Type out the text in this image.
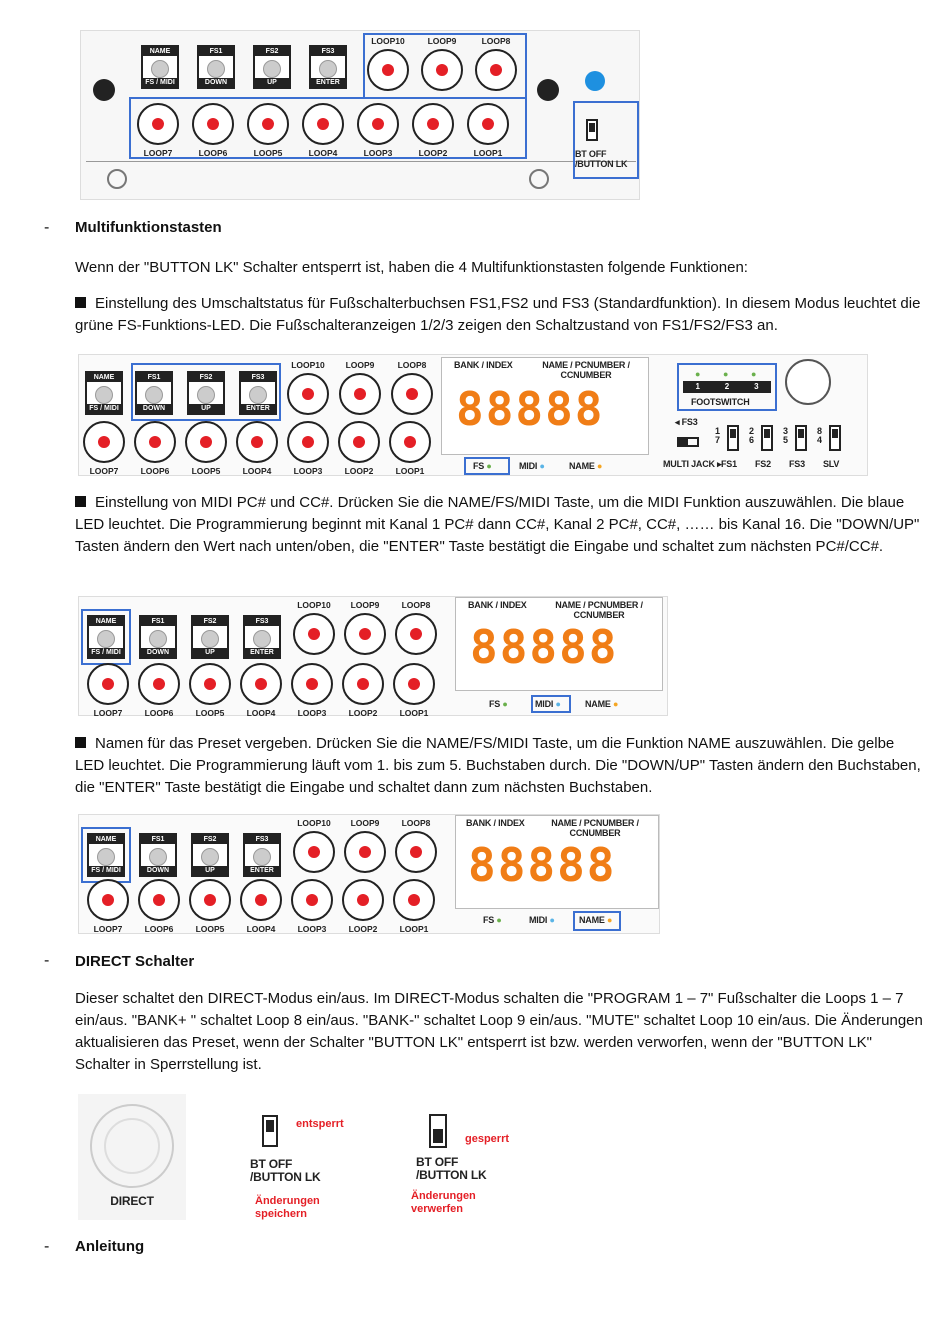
BT OFF
/BUTTON LK
NAME
FS / MIDI
FS1
DOWN
FS2
UP
FS3
ENTER
LOOP10	LOOP9	LOOP8
LOOP7	LOOP6	LOOP5	LOOP4	LOOP3	LOOP2	LOOP1
- Multifunktionstasten
Wenn der "BUTTON LK" Schalter entsperrt ist, haben die 4 Multifunktionstasten folgende Funktionen:
Einstellung des Umschaltstatus für Fußschalterbuchsen FS1,FS2 und FS3 (Standardfunktion). In diesem Modus leuchtet die grüne FS-Funktions-LED. Die Fußschalteranzeigen 1/2/3 zeigen den Schaltzustand von FS1/FS2/FS3 an.
BANK / INDEX	NAME / PCNUMBER / CCNUMBER
88888
FS ●	MIDI ●	NAME ●
1	2	3
●	●	●
FOOTSWITCH
◂ FS3
MULTI JACK ▸
NAME
FS / MIDI
FS1
DOWN
FS2
UP
FS3
ENTER
LOOP10	LOOP9	LOOP8
LOOP7	LOOP6	LOOP5	LOOP4	LOOP3	LOOP2	LOOP1
1
7
FS1
2
6
FS2
3
5
FS3
8
4
SLV
Einstellung von MIDI PC# und CC#. Drücken Sie die NAME/FS/MIDI Taste, um die MIDI Funktion auszuwählen. Die blaue LED leuchtet. Die Programmierung beginnt mit Kanal 1 PC# dann CC#, Kanal 2 PC#, CC#, …… bis Kanal 16. Die "DOWN/UP" Tasten ändern den Wert nach unten/oben, die "ENTER" Taste bestätigt die Eingabe und schaltet zum nächsten PC#/CC#.
BANK / INDEX	NAME / PCNUMBER / CCNUMBER
88888
FS ●	MIDI ●	NAME ●
NAME
FS / MIDI
FS1
DOWN
FS2
UP
FS3
ENTER
LOOP10	LOOP9	LOOP8
LOOP7	LOOP6	LOOP5	LOOP4	LOOP3	LOOP2	LOOP1
Namen für das Preset vergeben. Drücken Sie die NAME/FS/MIDI Taste, um die Funktion NAME auszuwählen. Die gelbe LED leuchtet. Die Programmierung läuft vom 1. bis zum 5. Buchstaben durch. Die "DOWN/UP" Tasten ändern den Buchstaben, die "ENTER" Taste bestätigt die Eingabe und schaltet dann zum nächsten Buchstaben.
BANK / INDEX	NAME / PCNUMBER / CCNUMBER
88888
FS ●	MIDI ●	NAME ●
NAME
FS / MIDI
FS1
DOWN
FS2
UP
FS3
ENTER
LOOP10	LOOP9	LOOP8
LOOP7	LOOP6	LOOP5	LOOP4	LOOP3	LOOP2	LOOP1
- DIRECT Schalter
Dieser schaltet den DIRECT-Modus ein/aus. Im DIRECT-Modus schalten die "PROGRAM 1 – 7" Fußschalter die Loops 1 – 7 ein/aus. "BANK+ " schaltet Loop 8 ein/aus. "BANK-" schaltet Loop 9 ein/aus. "MUTE" schaltet Loop 10 ein/aus. Die Änderungen aktualisieren das Preset, wenn der Schalter "BUTTON LK" entsperrt ist bzw. werden verworfen, wenn der "BUTTON LK" Schalter in Sperrstellung ist.
DIRECT
entsperrt
BT OFF
/BUTTON LK
Änderungen
speichern
gesperrt
BT OFF
/BUTTON LK
Änderungen
verwerfen
- Anleitung
